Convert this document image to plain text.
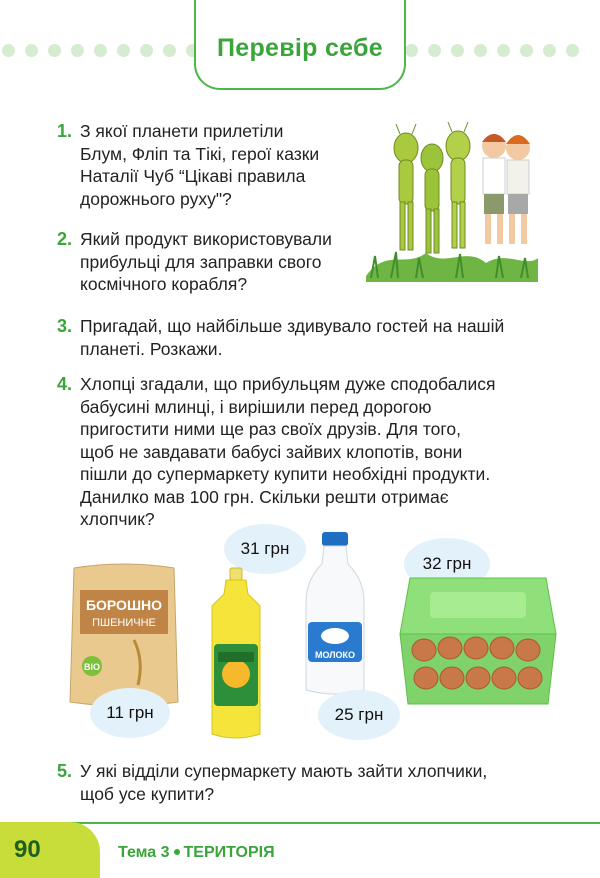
Перевір себе
1. З якої планети прилетіли
Блум, Фліп та Тікі, герої казки
Наталії Чуб “Цікаві правила
дорожнього руху"?
2. Який продукт використовували
прибульці для заправки свого
космічного корабля?
3. Пригадай, що найбільше здивувало гостей на нашій
планеті. Розкажи.
4. Хлопці згадали, що прибульцям дуже сподобалися
бабусині млинці, і вирішили перед дорогою
пригостити ними ще раз своїх друзів. Для того,
щоб не завдавати бабусі зайвих клопотів, вони
пішли до супермаркету купити необхідні продукти.
Данилко мав 100 грн. Скільки решти отримає
хлопчик?
БОРОШНО
ПШЕНИЧНЕ
BIO
11 грн
31 грн
МОЛОКО
25 грн
32 грн
5. У які відділи супермаркету мають зайти хлопчики,
щоб усе купити?
90	Тема 3 ТЕРИТОРІЯ
